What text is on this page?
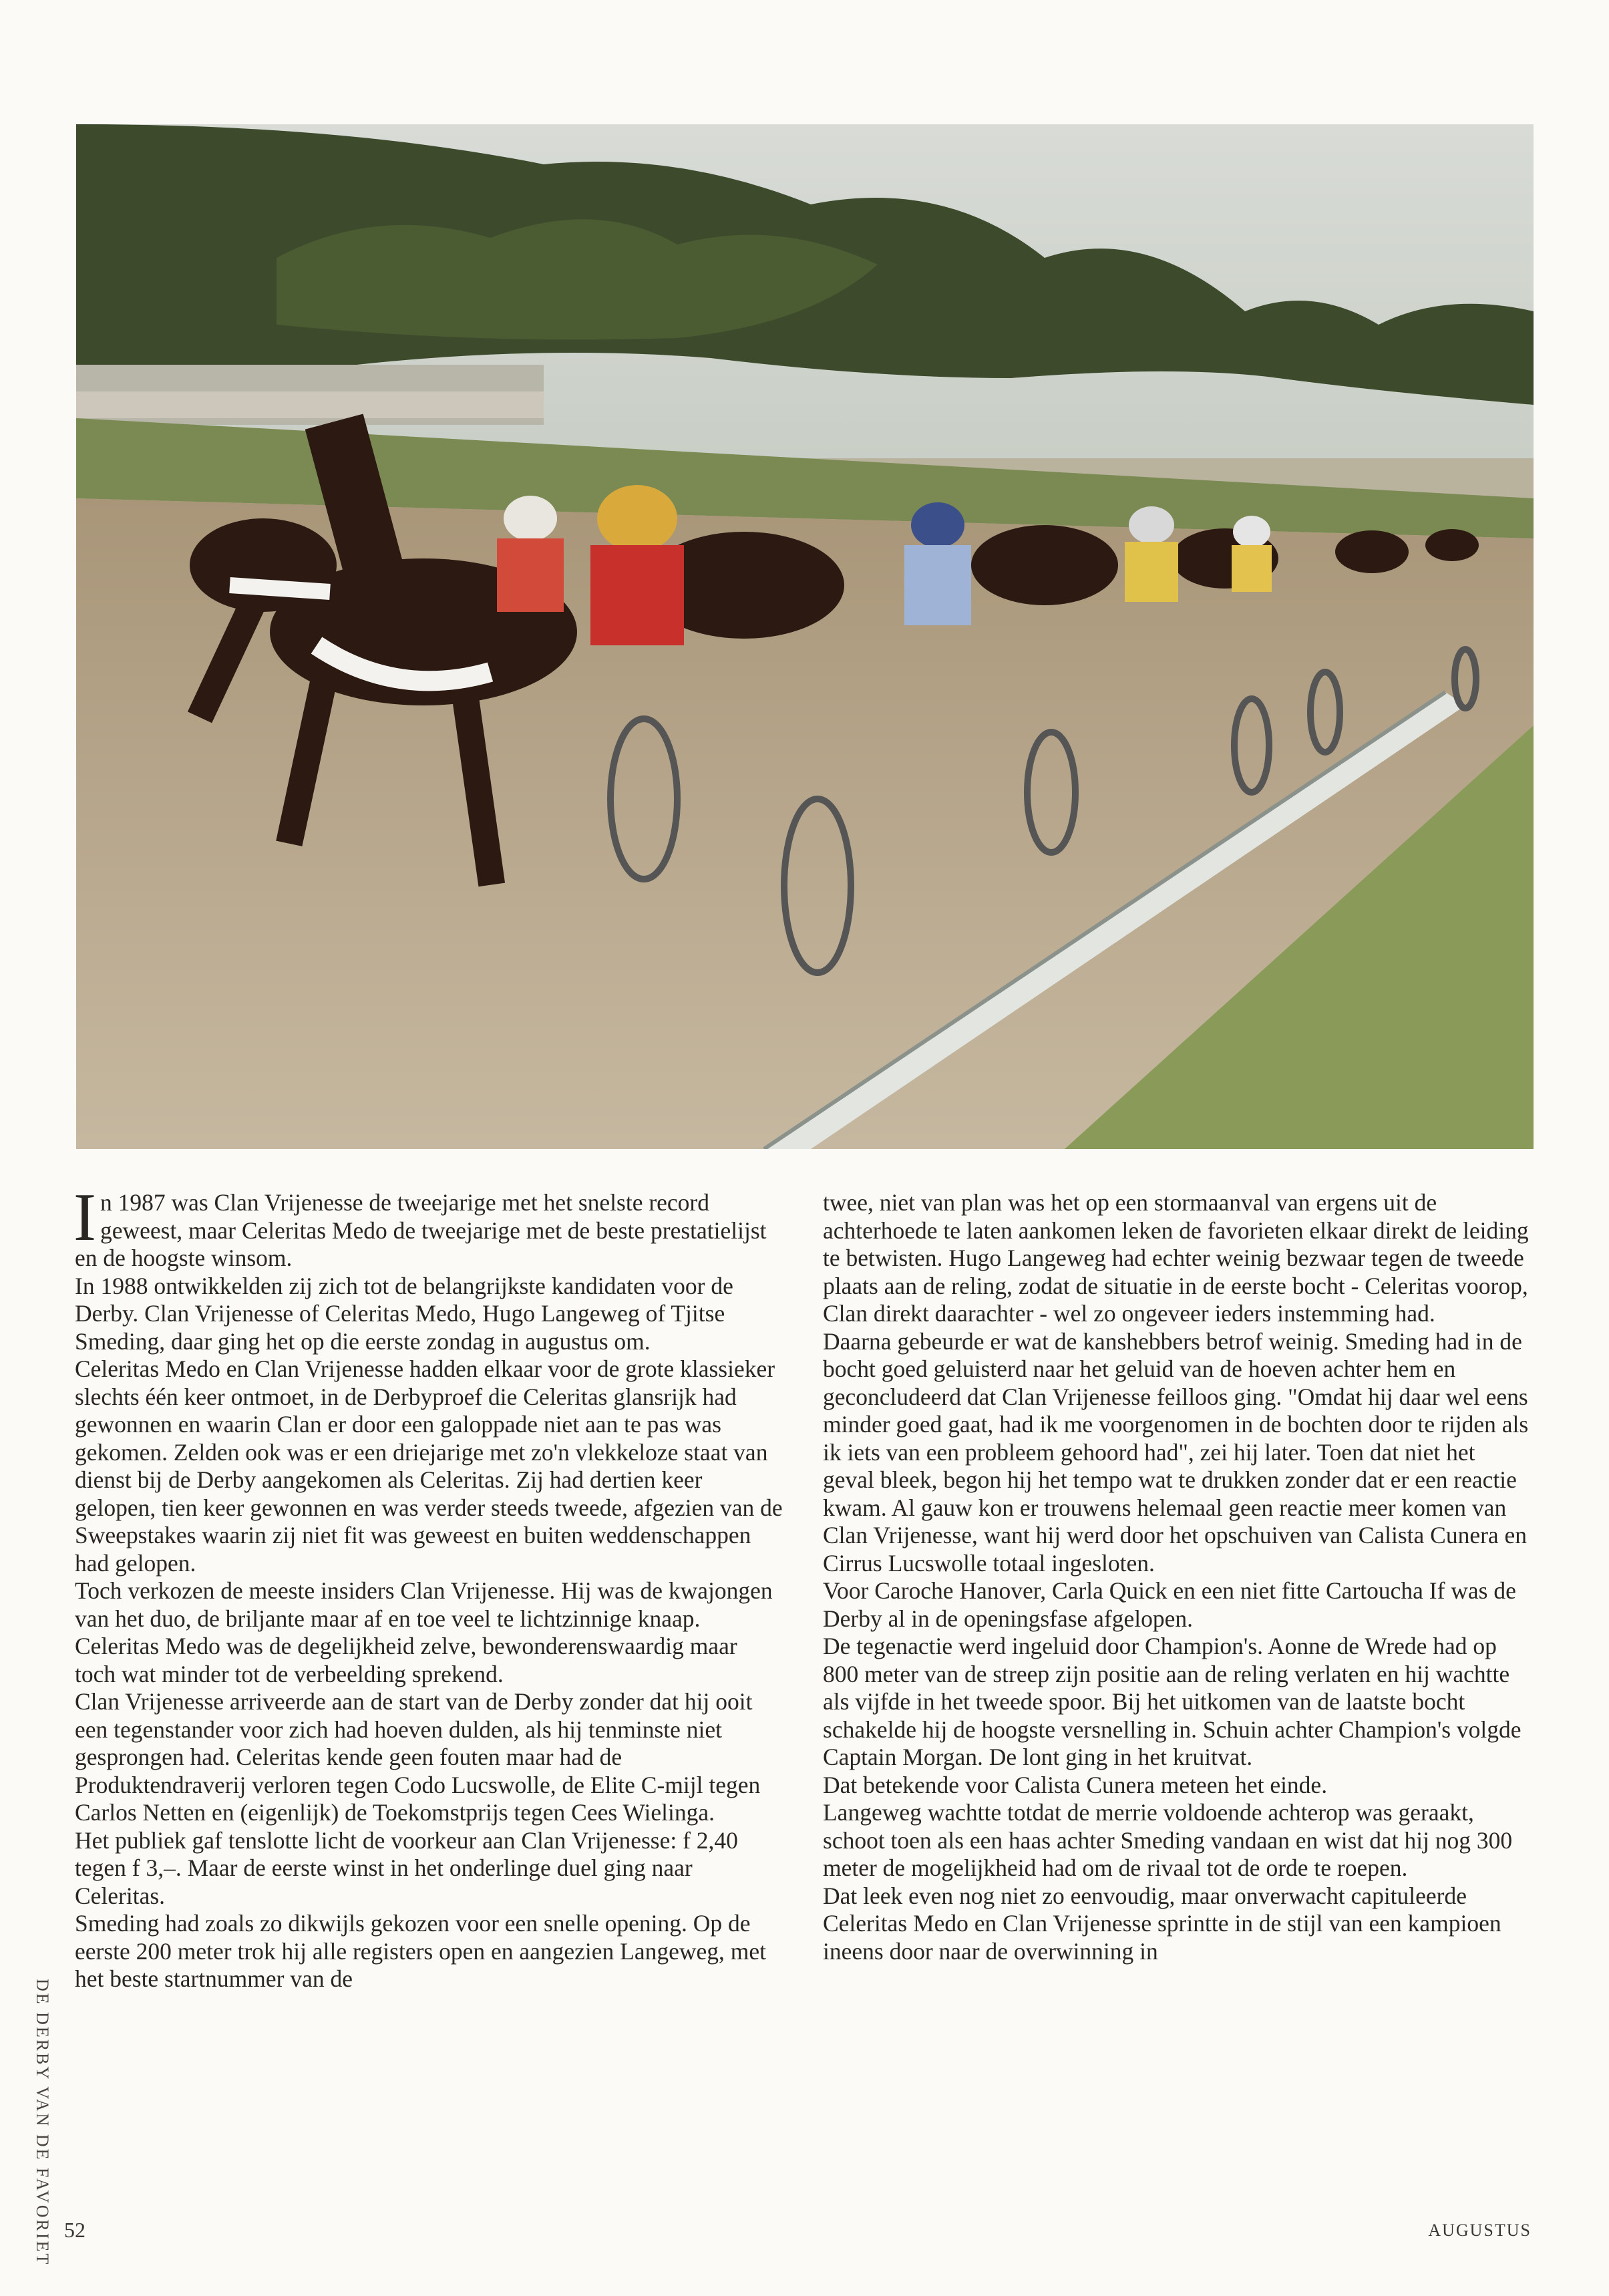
In 1987 was Clan Vrijenesse de tweejarige met het snelste record geweest, maar Celeritas Medo de tweejarige met de beste prestatielijst en de hoogste winsom.

In 1988 ontwikkelden zij zich tot de belangrijkste kandidaten voor de Derby. Clan Vrijenesse of Celeritas Medo, Hugo Langeweg of Tjitse Smeding, daar ging het op die eerste zondag in augustus om.

Celeritas Medo en Clan Vrijenesse hadden elkaar voor de grote klassieker slechts één keer ontmoet, in de Derbyproef die Celeritas glansrijk had gewonnen en waarin Clan er door een galoppade niet aan te pas was gekomen. Zelden ook was er een driejarige met zo'n vlekkeloze staat van dienst bij de Derby aangekomen als Celeritas. Zij had dertien keer gelopen, tien keer gewonnen en was verder steeds tweede, afgezien van de Sweepstakes waarin zij niet fit was geweest en buiten weddenschappen had gelopen.

Toch verkozen de meeste insiders Clan Vrijenesse. Hij was de kwajongen van het duo, de briljante maar af en toe veel te lichtzinnige knaap. Celeritas Medo was de degelijkheid zelve, bewonderenswaardig maar toch wat minder tot de verbeelding sprekend.

Clan Vrijenesse arriveerde aan de start van de Derby zonder dat hij ooit een tegenstander voor zich had hoeven dulden, als hij tenminste niet gesprongen had. Celeritas kende geen fouten maar had de Produktendraverij verloren tegen Codo Lucswolle, de Elite C-mijl tegen Carlos Netten en (eigenlijk) de Toekomstprijs tegen Cees Wielinga.

Het publiek gaf tenslotte licht de voorkeur aan Clan Vrijenesse: f 2,40 tegen f 3,–. Maar de eerste winst in het onderlinge duel ging naar Celeritas.

Smeding had zoals zo dikwijls gekozen voor een snelle opening. Op de eerste 200 meter trok hij alle registers open en aangezien Langeweg, met het beste startnummer van de

twee, niet van plan was het op een stormaanval van ergens uit de achterhoede te laten aankomen leken de favorieten elkaar direkt de leiding te betwisten. Hugo Langeweg had echter weinig bezwaar tegen de tweede plaats aan de reling, zodat de situatie in de eerste bocht - Celeritas voorop, Clan direkt daarachter - wel zo ongeveer ieders instemming had.

Daarna gebeurde er wat de kanshebbers betrof weinig. Smeding had in de bocht goed geluisterd naar het geluid van de hoeven achter hem en geconcludeerd dat Clan Vrijenesse feilloos ging. "Omdat hij daar wel eens minder goed gaat, had ik me voorgenomen in de bochten door te rijden als ik iets van een probleem gehoord had", zei hij later. Toen dat niet het geval bleek, begon hij het tempo wat te drukken zonder dat er een reactie kwam. Al gauw kon er trouwens helemaal geen reactie meer komen van Clan Vrijenesse, want hij werd door het opschuiven van Calista Cunera en Cirrus Lucswolle totaal ingesloten.

Voor Caroche Hanover, Carla Quick en een niet fitte Cartoucha If was de Derby al in de openingsfase afgelopen.

De tegenactie werd ingeluid door Champion's. Aonne de Wrede had op 800 meter van de streep zijn positie aan de reling verlaten en hij wachtte als vijfde in het tweede spoor. Bij het uitkomen van de laatste bocht schakelde hij de hoogste versnelling in. Schuin achter Champion's volgde Captain Morgan. De lont ging in het kruitvat.

Dat betekende voor Calista Cunera meteen het einde.

Langeweg wachtte totdat de merrie voldoende achterop was geraakt, schoot toen als een haas achter Smeding vandaan en wist dat hij nog 300 meter de mogelijkheid had om de rivaal tot de orde te roepen.

Dat leek even nog niet zo eenvoudig, maar onverwacht capituleerde Celeritas Medo en Clan Vrijenesse sprintte in de stijl van een kampioen ineens door naar de overwinning in

DE DERBY VAN DE FAVORIET 52	AUGUSTUS
